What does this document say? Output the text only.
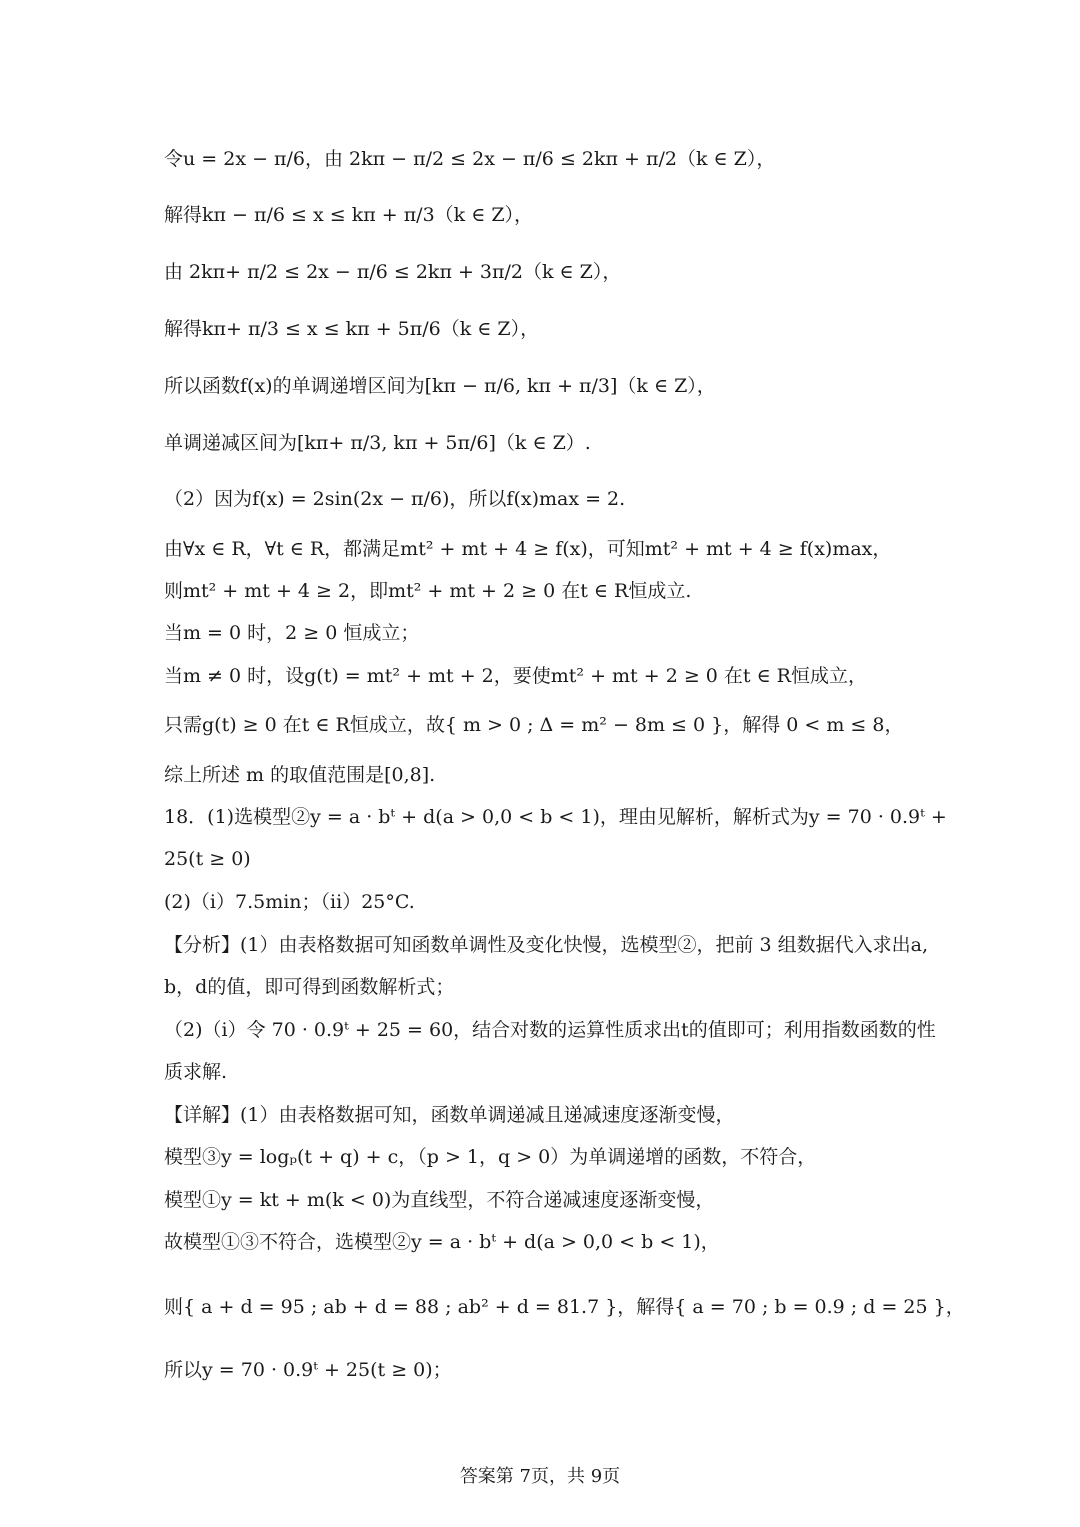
令u = 2x − π/6，由 2kπ − π/2 ≤ 2x − π/6 ≤ 2kπ + π/2（k ∈ Z），
解得kπ − π/6 ≤ x ≤ kπ + π/3（k ∈ Z），
由 2kπ+ π/2 ≤ 2x − π/6 ≤ 2kπ + 3π/2（k ∈ Z），
解得kπ+ π/3 ≤ x ≤ kπ + 5π/6（k ∈ Z），
所以函数f(x)的单调递增区间为[kπ − π/6, kπ + π/3]（k ∈ Z），
单调递减区间为[kπ+ π/3, kπ + 5π/6]（k ∈ Z）.
（2）因为f(x) = 2sin(2x − π/6)，所以f(x)max = 2.
由∀x ∈ R，∀t ∈ R，都满足mt² + mt + 4 ≥ f(x)，可知mt² + mt + 4 ≥ f(x)max，
则mt² + mt + 4 ≥ 2，即mt² + mt + 2 ≥ 0 在t ∈ R恒成立.
当m = 0 时，2 ≥ 0 恒成立；
当m ≠ 0 时，设g(t) = mt² + mt + 2，要使mt² + mt + 2 ≥ 0 在t ∈ R恒成立，
只需g(t) ≥ 0 在t ∈ R恒成立，故{ m > 0 ; Δ = m² − 8m ≤ 0 }，解得 0 < m ≤ 8，
综上所述 m 的取值范围是[0,8].
18．(1)选模型②y = a · bᵗ + d(a > 0,0 < b < 1)，理由见解析，解析式为y = 70 · 0.9ᵗ +
25(t ≥ 0)
(2)（i）7.5min；（ii）25°C.
【分析】(1）由表格数据可知函数单调性及变化快慢，选模型②，把前 3 组数据代入求出a,
b，d的值，即可得到函数解析式；
（2)（i）令 70 · 0.9ᵗ + 25 = 60，结合对数的运算性质求出t的值即可；利用指数函数的性
质求解.
【详解】(1）由表格数据可知，函数单调递减且递减速度逐渐变慢，
模型③y = logₚ(t + q) + c，（p > 1，q > 0）为单调递增的函数，不符合，
模型①y = kt + m(k < 0)为直线型，不符合递减速度逐渐变慢，
故模型①③不符合，选模型②y = a · bᵗ + d(a > 0,0 < b < 1)，
则{ a + d = 95 ; ab + d = 88 ; ab² + d = 81.7 }，解得{ a = 70 ; b = 0.9 ; d = 25 }，
所以y = 70 · 0.9ᵗ + 25(t ≥ 0)；
答案第 7页，共 9页
